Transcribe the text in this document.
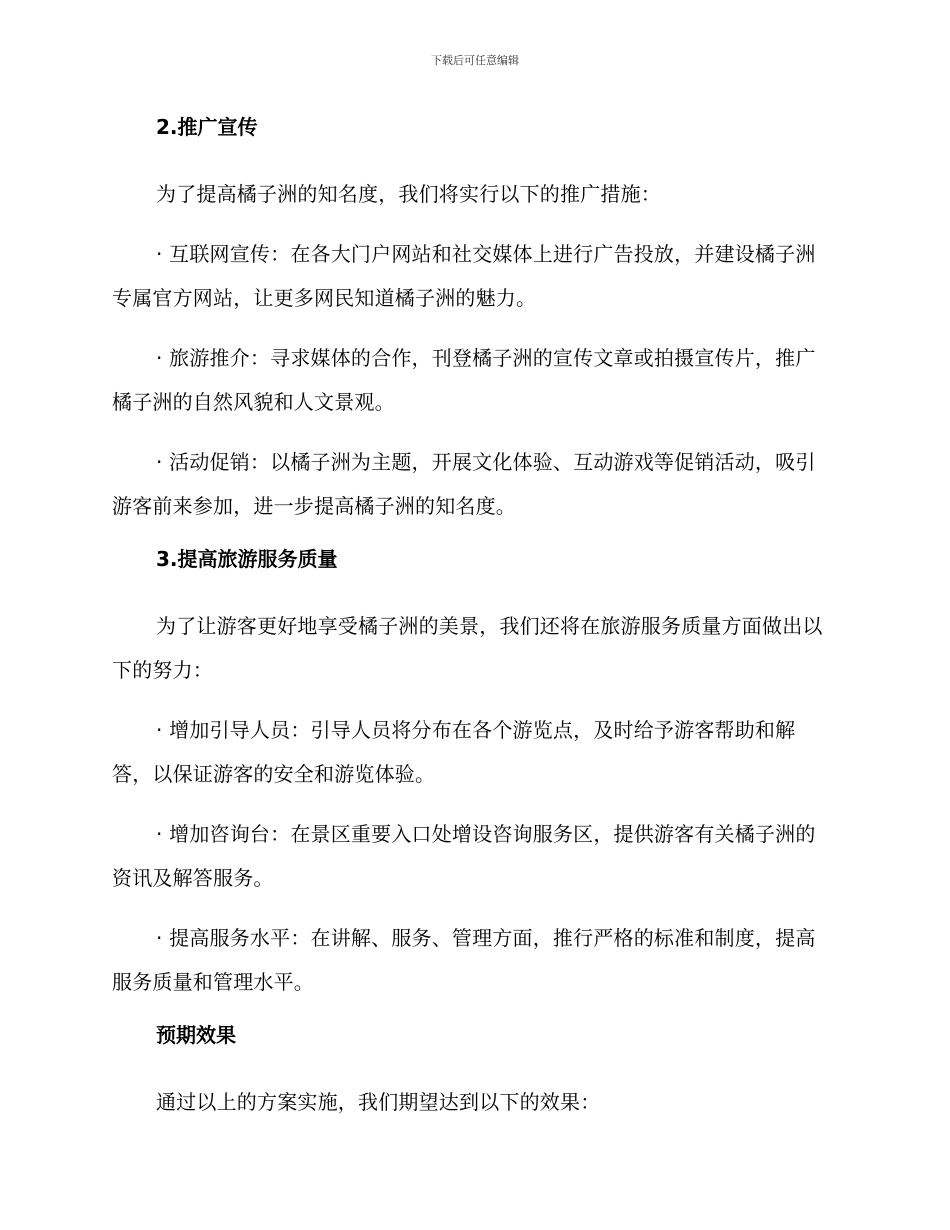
下载后可任意编辑
2.推广宣传

为了提高橘子洲的知名度，我们将实行以下的推广措施：

· 互联网宣传：在各大门户网站和社交媒体上进行广告投放，并建设橘子洲专属官方网站，让更多网民知道橘子洲的魅力。

· 旅游推介：寻求媒体的合作，刊登橘子洲的宣传文章或拍摄宣传片，推广橘子洲的自然风貌和人文景观。

· 活动促销：以橘子洲为主题，开展文化体验、互动游戏等促销活动，吸引游客前来参加，进一步提高橘子洲的知名度。

3.提高旅游服务质量

为了让游客更好地享受橘子洲的美景，我们还将在旅游服务质量方面做出以下的努力：

· 增加引导人员：引导人员将分布在各个游览点，及时给予游客帮助和解答，以保证游客的安全和游览体验。

· 增加咨询台：在景区重要入口处增设咨询服务区，提供游客有关橘子洲的资讯及解答服务。

· 提高服务水平：在讲解、服务、管理方面，推行严格的标准和制度，提高服务质量和管理水平。

预期效果

通过以上的方案实施，我们期望达到以下的效果：
